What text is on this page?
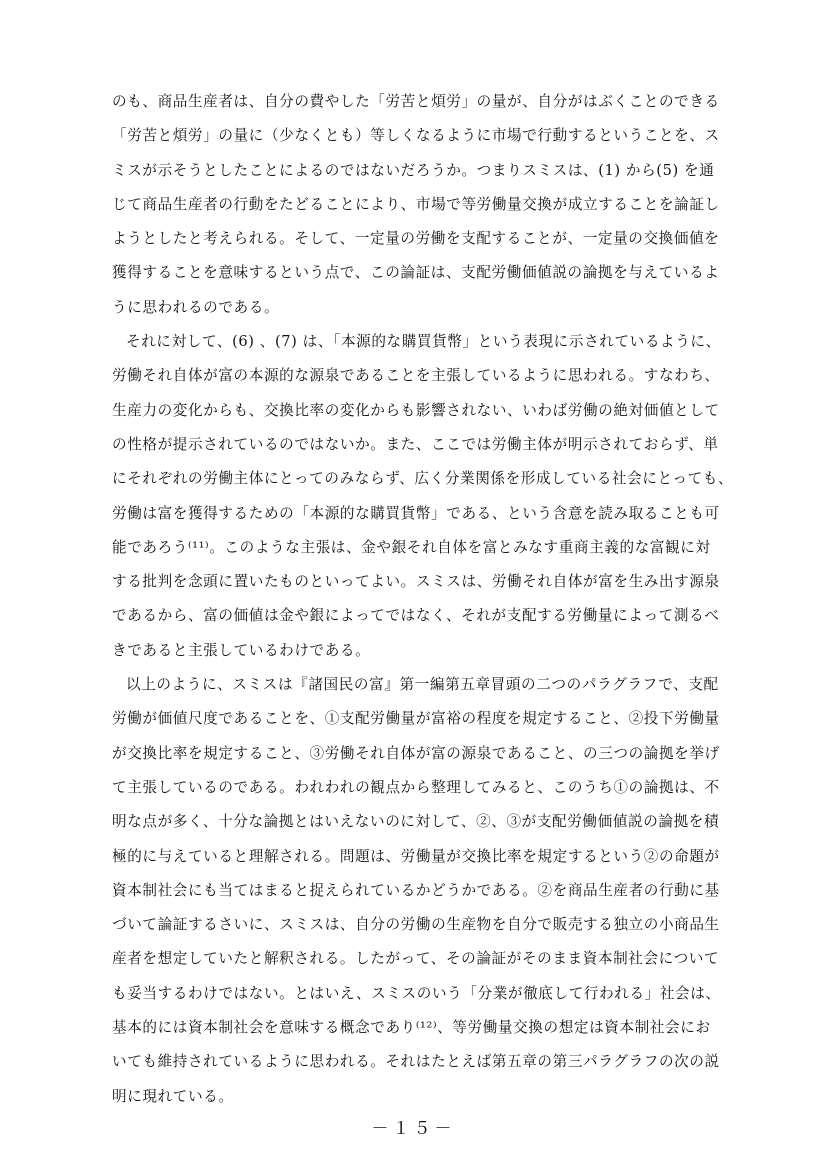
のも、商品生産者は、自分の費やした「労苦と煩労」の量が、自分がはぶくことのできる
「労苦と煩労」の量に（少なくとも）等しくなるように市場で行動するということを、ス
ミスが示そうとしたことによるのではないだろうか。つまりスミスは、(1) から(5) を通
じて商品生産者の行動をたどることにより、市場で等労働量交換が成立することを論証し
ようとしたと考えられる。そして、一定量の労働を支配することが、一定量の交換価値を
獲得することを意味するという点で、この論証は、支配労働価値説の論拠を与えているよ
うに思われるのである。
それに対して、(6) 、(7) は、「本源的な購買貨幣」という表現に示されているように、
労働それ自体が富の本源的な源泉であることを主張しているように思われる。すなわち、
生産力の変化からも、交換比率の変化からも影響されない、いわば労働の絶対価値として
の性格が提示されているのではないか。また、ここでは労働主体が明示されておらず、単
にそれぞれの労働主体にとってのみならず、広く分業関係を形成している社会にとっても、
労働は富を獲得するための「本源的な購買貨幣」である、という含意を読み取ることも可
能であろう⁽¹¹⁾。このような主張は、金や銀それ自体を富とみなす重商主義的な富観に対
する批判を念頭に置いたものといってよい。スミスは、労働それ自体が富を生み出す源泉
であるから、富の価値は金や銀によってではなく、それが支配する労働量によって測るべ
きであると主張しているわけである。
以上のように、スミスは『諸国民の富』第一編第五章冒頭の二つのパラグラフで、支配
労働が価値尺度であることを、①支配労働量が富裕の程度を規定すること、②投下労働量
が交換比率を規定すること、③労働それ自体が富の源泉であること、の三つの論拠を挙げ
て主張しているのである。われわれの観点から整理してみると、このうち①の論拠は、不
明な点が多く、十分な論拠とはいえないのに対して、②、③が支配労働価値説の論拠を積
極的に与えていると理解される。問題は、労働量が交換比率を規定するという②の命題が
資本制社会にも当てはまると捉えられているかどうかである。②を商品生産者の行動に基
づいて論証するさいに、スミスは、自分の労働の生産物を自分で販売する独立の小商品生
産者を想定していたと解釈される。したがって、その論証がそのまま資本制社会について
も妥当するわけではない。とはいえ、スミスのいう「分業が徹底して行われる」社会は、
基本的には資本制社会を意味する概念であり⁽¹²⁾、等労働量交換の想定は資本制社会にお
いても維持されているように思われる。それはたとえば第五章の第三パラグラフの次の説
明に現れている。
－１５－
